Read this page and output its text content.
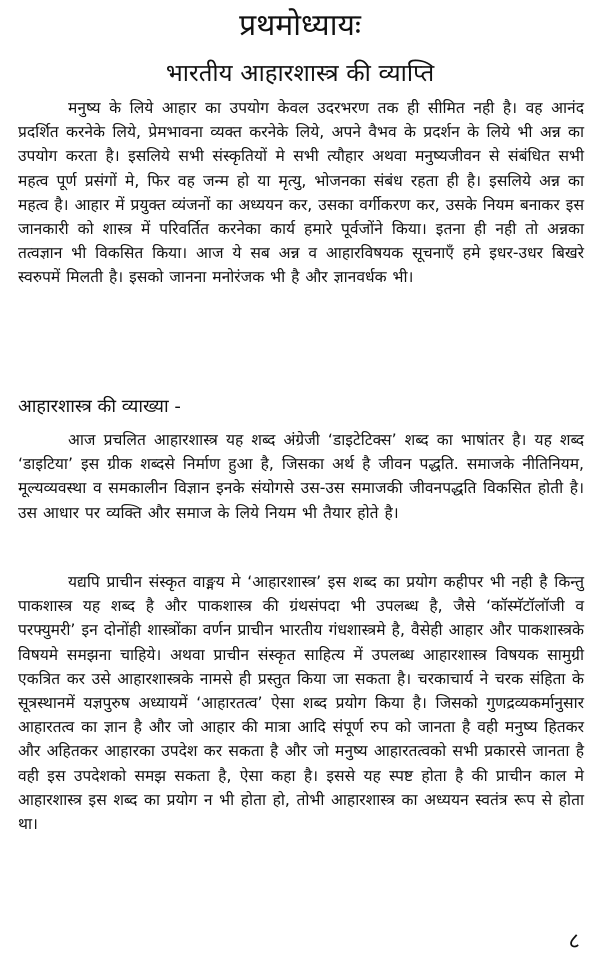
प्रथमोध्यायः
भारतीय आहारशास्त्र की व्याप्ति

मनुष्य के लिये आहार का उपयोग केवल उदरभरण तक ही सीमित नही है। वह आनंद प्रदर्शित करनेके लिये, प्रेमभावना व्यक्त करनेके लिये, अपने वैभव के प्रदर्शन के लिये भी अन्न का उपयोग करता है। इसलिये सभी संस्कृतियों मे सभी त्यौहार अथवा मनुष्यजीवन से संबंधित सभी महत्व पूर्ण प्रसंगों मे, फिर वह जन्म हो या मृत्यु, भोजनका संबंध रहता ही है। इसलिये अन्न का महत्व है। आहार में प्रयुक्त व्यंजनों का अध्ययन कर, उसका वर्गीकरण कर, उसके नियम बनाकर इस जानकारी को शास्त्र में परिवर्तित करनेका कार्य हमारे पूर्वजोंने किया। इतना ही नही तो अन्नका तत्वज्ञान भी विकसित किया। आज ये सब अन्न व आहारविषयक सूचनाएँ हमे इधर-उधर बिखरे स्वरुपमें मिलती है। इसको जानना मनोरंजक भी है और ज्ञानवर्धक भी।

आहारशास्त्र की व्याख्या -

आज प्रचलित आहारशास्त्र यह शब्द अंग्रेजी ‘डाइटेटिक्स’ शब्द का भाषांतर है। यह शब्द ‘डाइटिया’ इस ग्रीक शब्दसे निर्माण हुआ है, जिसका अर्थ है जीवन पद्धति. समाजके नीतिनियम, मूल्यव्यवस्था व समकालीन विज्ञान इनके संयोगसे उस-उस समाजकी जीवनपद्धति विकसित होती है। उस आधार पर व्यक्ति और समाज के लिये नियम भी तैयार होते है।

यद्यपि प्राचीन संस्कृत वाङ्मय मे ‘आहारशास्त्र’ इस शब्द का प्रयोग कहीपर भी नही है किन्तु पाकशास्त्र यह शब्द है और पाकशास्त्र की ग्रंथसंपदा भी उपलब्ध है, जैसे ‘कॉस्मॅटॉलॉजी व परफ्युमरी’ इन दोनोंही शास्त्रोंका वर्णन प्राचीन भारतीय गंधशास्त्रमे है, वैसेही आहार और पाकशास्त्रके विषयमे समझना चाहिये। अथवा प्राचीन संस्कृत साहित्य में उपलब्ध आहारशास्त्र विषयक सामुग्री एकत्रित कर उसे आहारशास्त्रके नामसे ही प्रस्तुत किया जा सकता है। चरकाचार्य ने चरक संहिता के सूत्रस्थानमें यज्ञपुरुष अध्यायमें ‘आहारतत्व’ ऐसा शब्द प्रयोग किया है। जिसको गुणद्रव्यकर्मानुसार आहारतत्व का ज्ञान है और जो आहार की मात्रा आदि संपूर्ण रुप को जानता है वही मनुष्य हितकर और अहितकर आहारका उपदेश कर सकता है और जो मनुष्य आहारतत्वको सभी प्रकारसे जानता है वही इस उपदेशको समझ सकता है, ऐसा कहा है। इससे यह स्पष्ट होता है की प्राचीन काल मे आहारशास्त्र इस शब्द का प्रयोग न भी होता हो, तोभी आहारशास्त्र का अध्ययन स्वतंत्र रूप से होता था।

८
